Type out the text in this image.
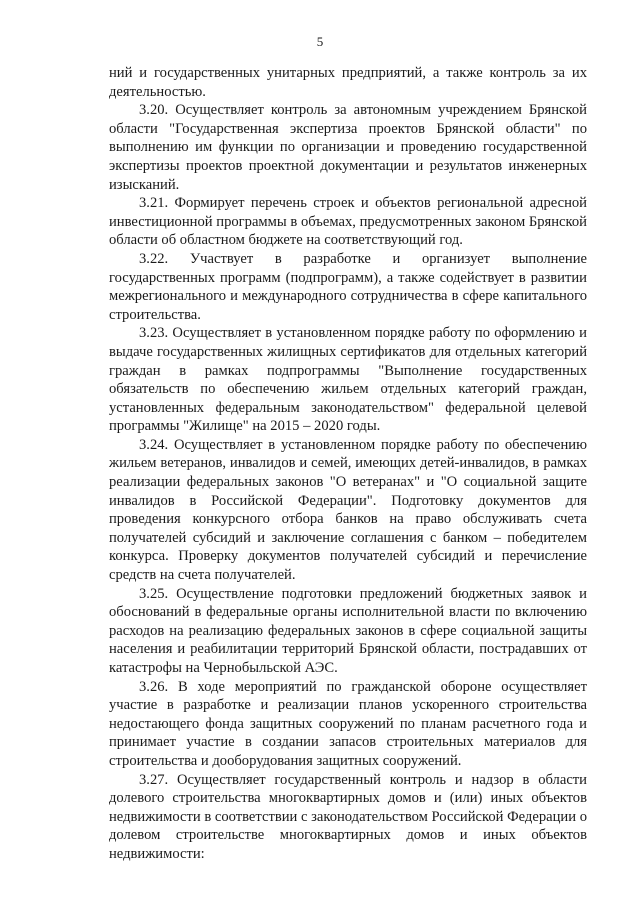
5

ний и государственных унитарных предприятий, а также контроль за их деятельностью.

3.20. Осуществляет контроль за автономным учреждением Брянской области "Государственная экспертиза проектов Брянской области" по выполнению им функции по организации и проведению государственной экспертизы проектов проектной документации и результатов инженерных изысканий.

3.21. Формирует перечень строек и объектов региональной адресной инвестиционной программы в объемах, предусмотренных законом Брянской области об областном бюджете на соответствующий год.

3.22. Участвует в разработке и организует выполнение государственных программ (подпрограмм), а также содействует в развитии межрегионального и международного сотрудничества в сфере капитального строительства.

3.23. Осуществляет в установленном порядке работу по оформлению и выдаче государственных жилищных сертификатов для отдельных категорий граждан в рамках подпрограммы "Выполнение государственных обязательств по обеспечению жильем отдельных категорий граждан, установленных федеральным законодательством" федеральной целевой программы "Жилище" на 2015 – 2020 годы.

3.24. Осуществляет в установленном порядке работу по обеспечению жильем ветеранов, инвалидов и семей, имеющих детей-инвалидов, в рамках реализации федеральных законов "О ветеранах" и "О социальной защите инвалидов в Российской Федерации". Подготовку документов для проведения конкурсного отбора банков на право обслуживать счета получателей субсидий и заключение соглашения с банком – победителем конкурса. Проверку документов получателей субсидий и перечисление средств на счета получателей.

3.25. Осуществление подготовки предложений бюджетных заявок и обоснований в федеральные органы исполнительной власти по включению расходов на реализацию федеральных законов в сфере социальной защиты населения и реабилитации территорий Брянской области, пострадавших от катастрофы на Чернобыльской АЭС.

3.26. В ходе мероприятий по гражданской обороне осуществляет участие в разработке и реализации планов ускоренного строительства недостающего фонда защитных сооружений по планам расчетного года и принимает участие в создании запасов строительных материалов для строительства и дооборудования защитных сооружений.

3.27. Осуществляет государственный контроль и надзор в области долевого строительства многоквартирных домов и (или) иных объектов недвижимости в соответствии с законодательством Российской Федерации о долевом строительстве многоквартирных домов и иных объектов недвижимости:
